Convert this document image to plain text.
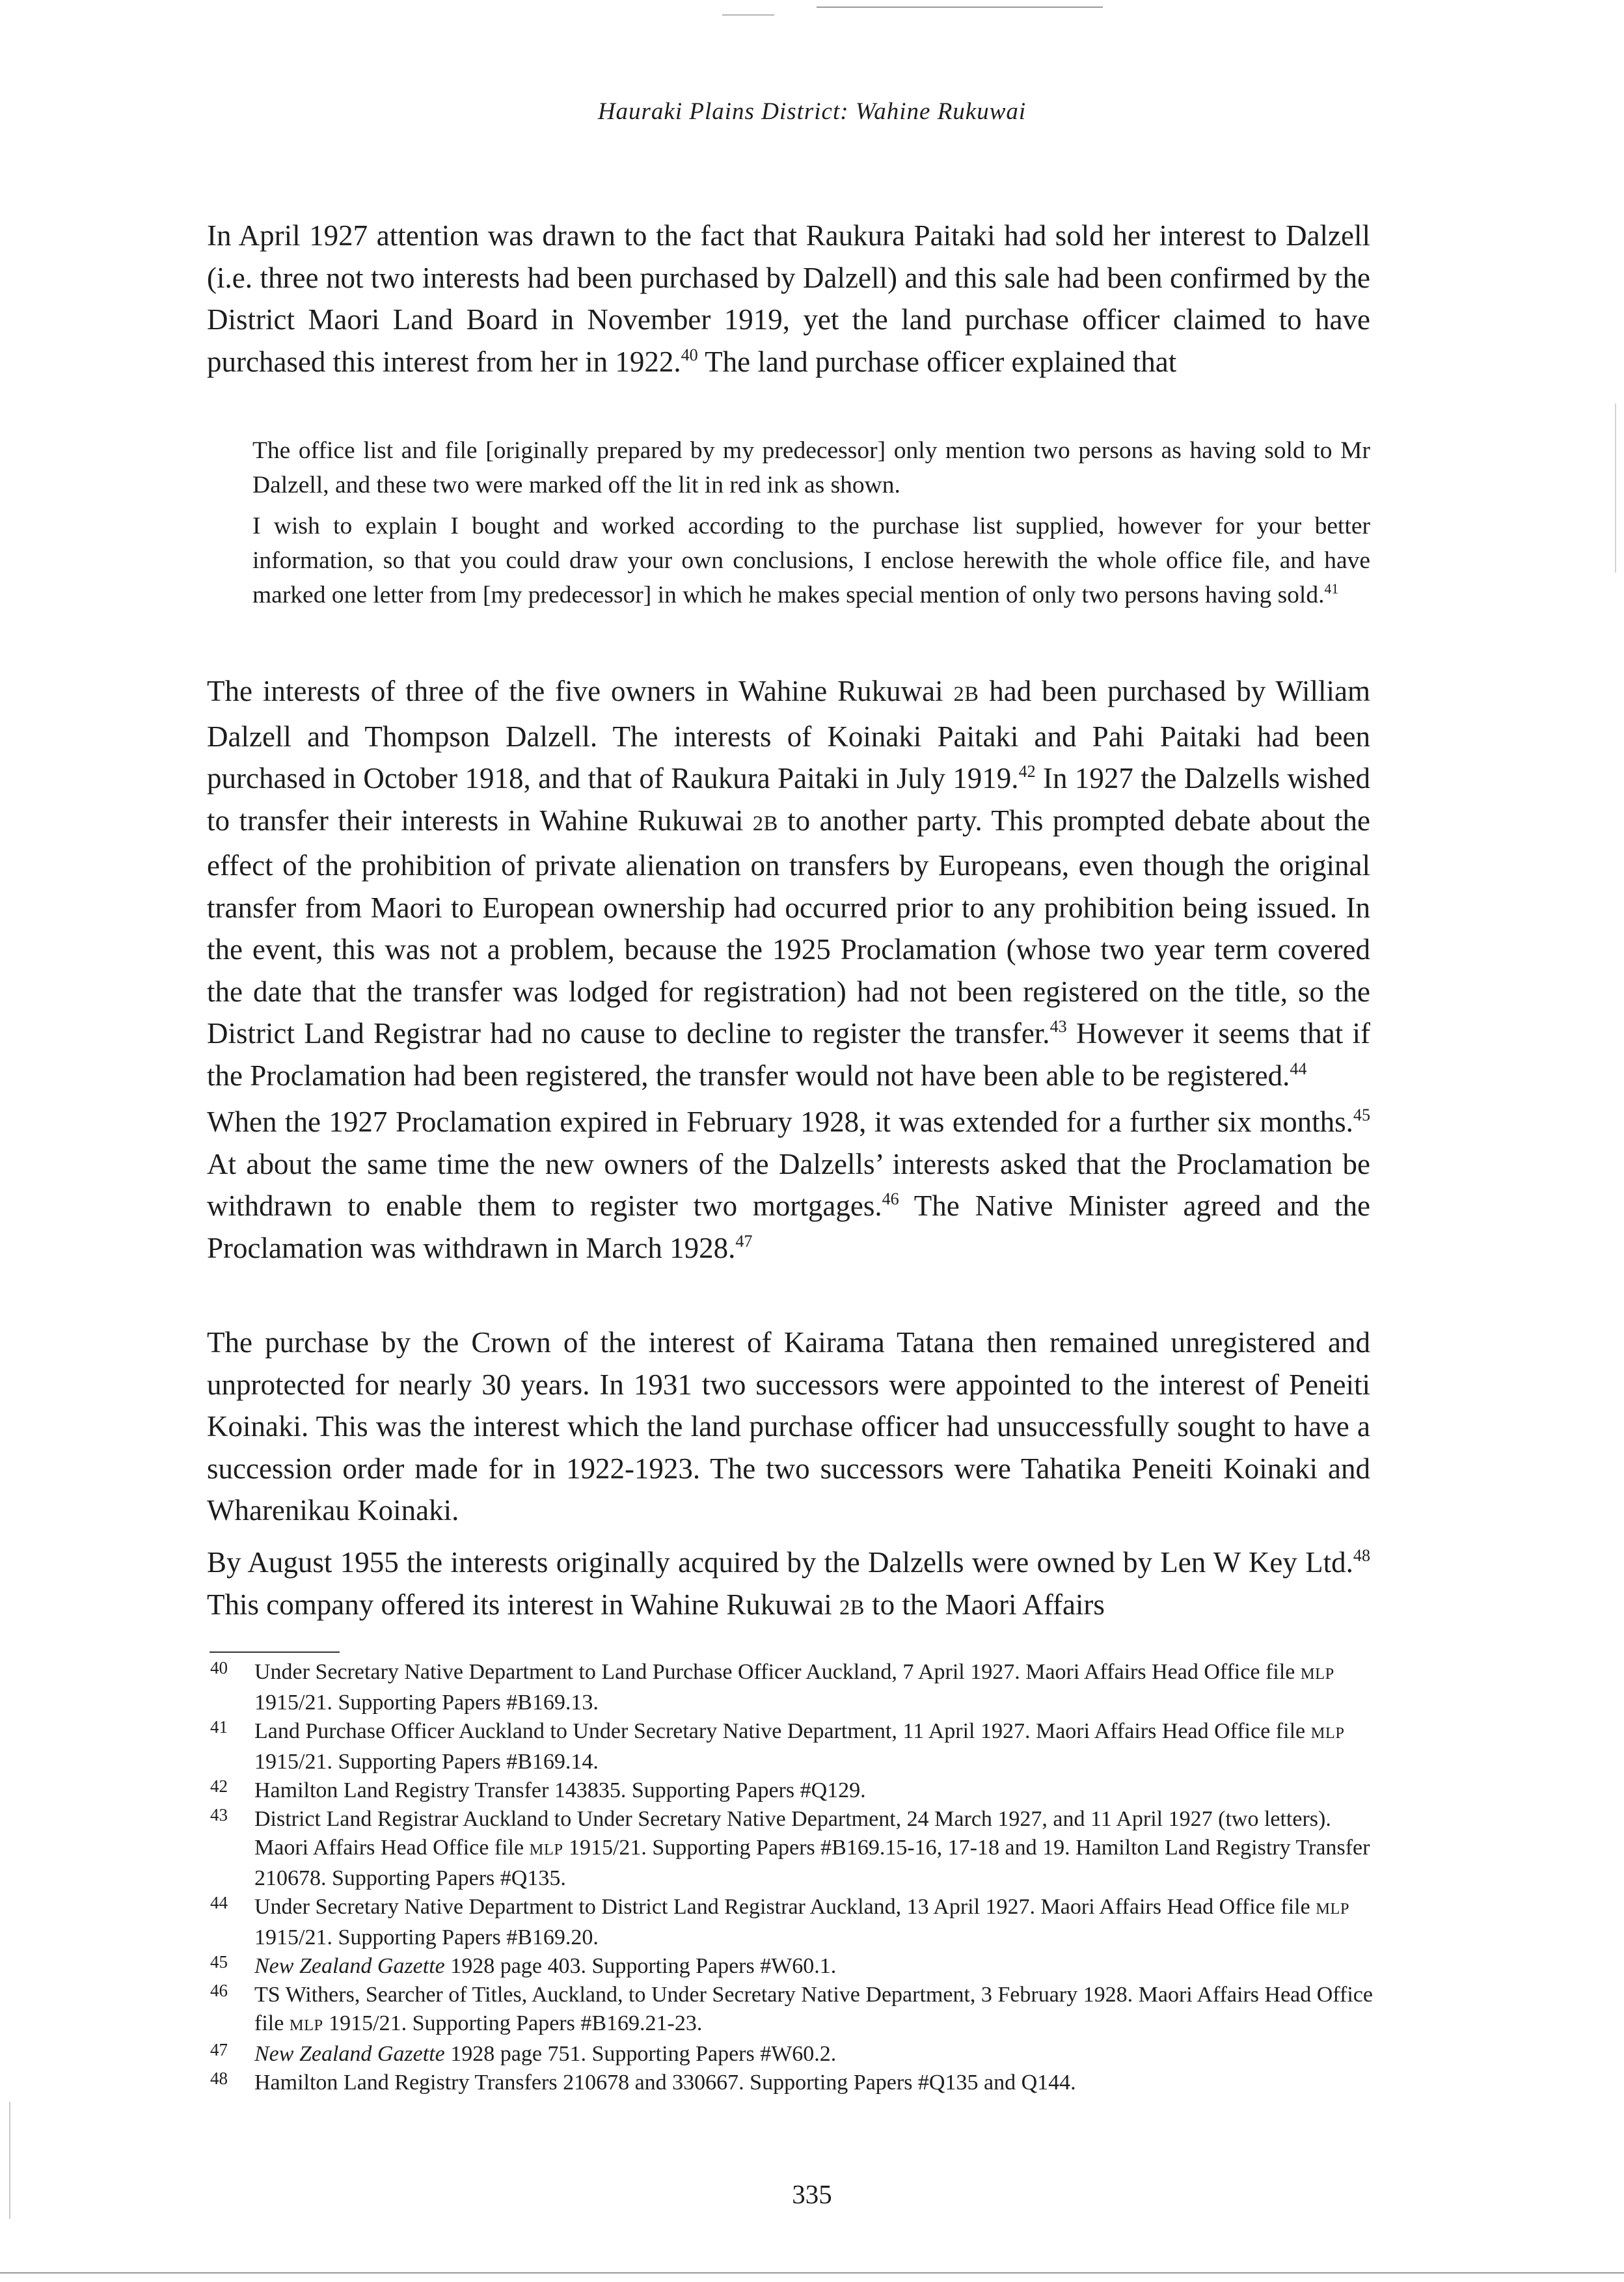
Hauraki Plains District: Wahine Rukuwai

In April 1927 attention was drawn to the fact that Raukura Paitaki had sold her interest to Dalzell (i.e. three not two interests had been purchased by Dalzell) and this sale had been confirmed by the District Maori Land Board in November 1919, yet the land purchase officer claimed to have purchased this interest from her in 1922.40 The land purchase officer explained that

The office list and file [originally prepared by my predecessor] only mention two persons as having sold to Mr Dalzell, and these two were marked off the lit in red ink as shown.

I wish to explain I bought and worked according to the purchase list supplied, however for your better information, so that you could draw your own conclusions, I enclose herewith the whole office file, and have marked one letter from [my predecessor] in which he makes special mention of only two persons having sold.$^{41}$

The interests of three of the five owners in Wahine Rukuwai 2B had been purchased by William Dalzell and Thompson Dalzell. The interests of Koinaki Paitaki and Pahi Paitaki had been purchased in October 1918, and that of Raukura Paitaki in July 1919.42 In 1927 the Dalzells wished to transfer their interests in Wahine Rukuwai 2B to another party. This prompted debate about the effect of the prohibition of private alienation on transfers by Europeans, even though the original transfer from Maori to European ownership had occurred prior to any prohibition being issued. In the event, this was not a problem, because the 1925 Proclamation (whose two year term covered the date that the transfer was lodged for registration) had not been registered on the title, so the District Land Registrar had no cause to decline to register the transfer.$^{43}$ However it seems that if the Proclamation had been registered, the transfer would not have been able to be registered.$^{44}$

When the 1927 Proclamation expired in February 1928, it was extended for a further six months.$^{45}$ At about the same time the new owners of the Dalzells’ interests asked that the Proclamation be withdrawn to enable them to register two mortgages.$^{46}$ The Native Minister agreed and the Proclamation was withdrawn in March 1928.47

The purchase by the Crown of the interest of Kairama Tatana then remained unregistered and unprotected for nearly 30 years. In 1931 two successors were appointed to the interest of Peneiti Koinaki. This was the interest which the land purchase officer had unsuccessfully sought to have a succession order made for in 1922-1923. The two successors were Tahatika Peneiti Koinaki and Wharenikau Koinaki.

By August 1955 the interests originally acquired by the Dalzells were owned by Len W Key Ltd.$^{48}$ This company offered its interest in Wahine Rukuwai 2B to the Maori Affairs

40	Under Secretary Native Department to Land Purchase Officer Auckland, 7 April 1927. Maori Affairs Head Office file MLP 1915/21. Supporting Papers #B169.13.
41	Land Purchase Officer Auckland to Under Secretary Native Department, 11 April 1927. Maori Affairs Head Office file MLP 1915/21. Supporting Papers #B169.14.
42	Hamilton Land Registry Transfer 143835. Supporting Papers #Q129.
43	District Land Registrar Auckland to Under Secretary Native Department, 24 March 1927, and 11 April 1927 (two letters). Maori Affairs Head Office file MLP 1915/21. Supporting Papers #B169.15-16, 17-18 and 19. Hamilton Land Registry Transfer 210678. Supporting Papers #Q135.
44	Under Secretary Native Department to District Land Registrar Auckland, 13 April 1927. Maori Affairs Head Office file MLP 1915/21. Supporting Papers #B169.20.
45	New Zealand Gazette 1928 page 403. Supporting Papers #W60.1.
46	TS Withers, Searcher of Titles, Auckland, to Under Secretary Native Department, 3 February 1928. Maori Affairs Head Office file MLP 1915/21. Supporting Papers #B169.21-23.
47	New Zealand Gazette 1928 page 751. Supporting Papers #W60.2.
48	Hamilton Land Registry Transfers 210678 and 330667. Supporting Papers #Q135 and Q144.
335
